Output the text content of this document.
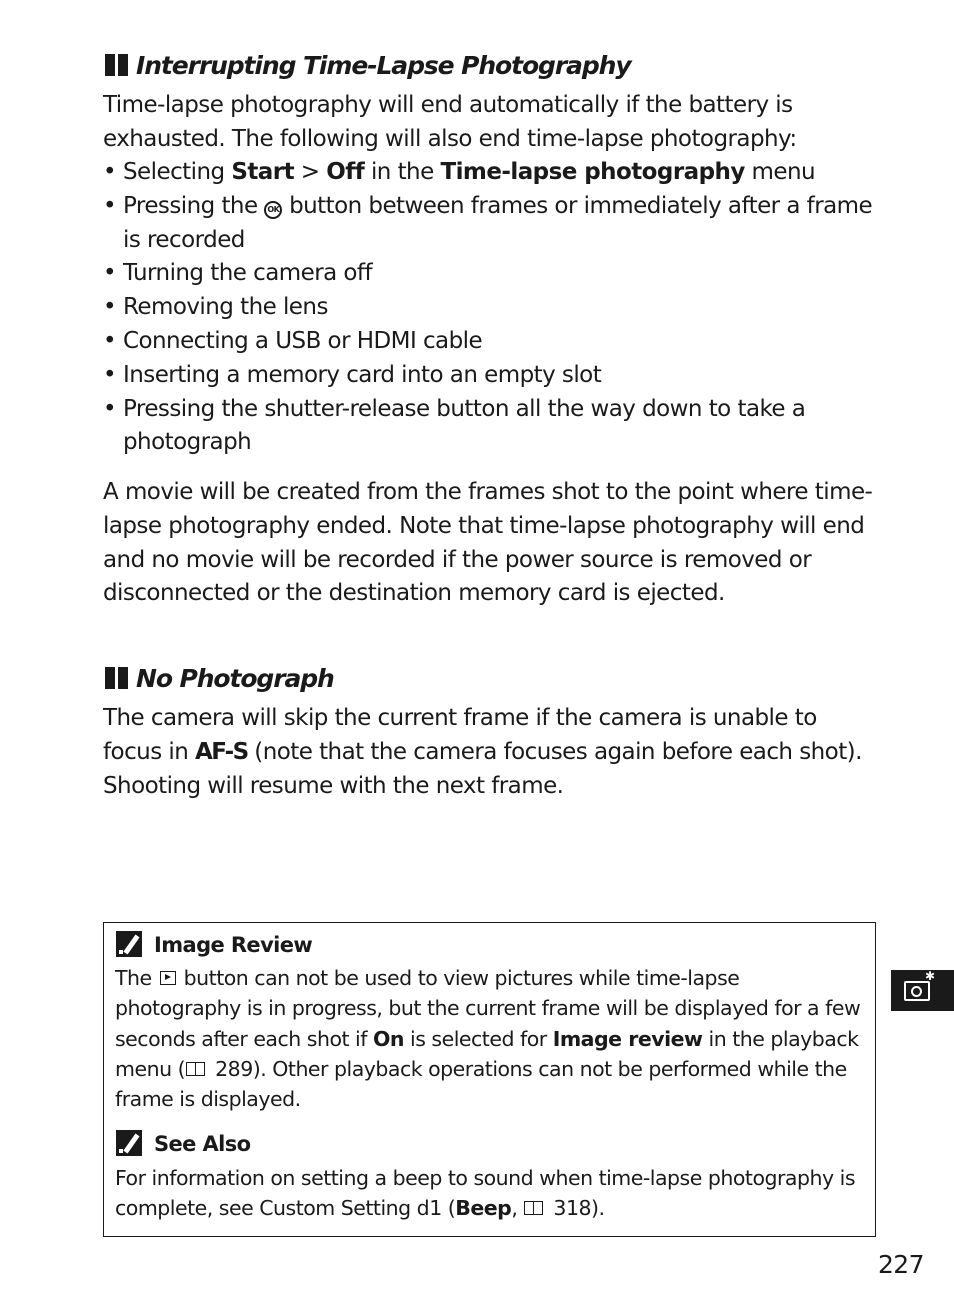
Interrupting Time-Lapse Photography

Time-lapse photography will end automatically if the battery is exhausted. The following will also end time-lapse photography:

• Selecting Start > Off in the Time-lapse photography menu
• Pressing the OK button between frames or immediately after a frame is recorded
• Turning the camera off
• Removing the lens
• Connecting a USB or HDMI cable
• Inserting a memory card into an empty slot
• Pressing the shutter-release button all the way down to take a photograph

A movie will be created from the frames shot to the point where time-lapse photography ended. Note that time-lapse photography will end and no movie will be recorded if the power source is removed or disconnected or the destination memory card is ejected.

No Photograph

The camera will skip the current frame if the camera is unable to focus in AF-S (note that the camera focuses again before each shot). Shooting will resume with the next frame.

Image Review

The  button can not be used to view pictures while time-lapse photography is in progress, but the current frame will be displayed for a few seconds after each shot if On is selected for Image review in the playback menu ( 289). Other playback operations can not be performed while the frame is displayed.

See Also

For information on setting a beep to sound when time-lapse photography is complete, see Custom Setting d1 (Beep,  318).

✱

227
